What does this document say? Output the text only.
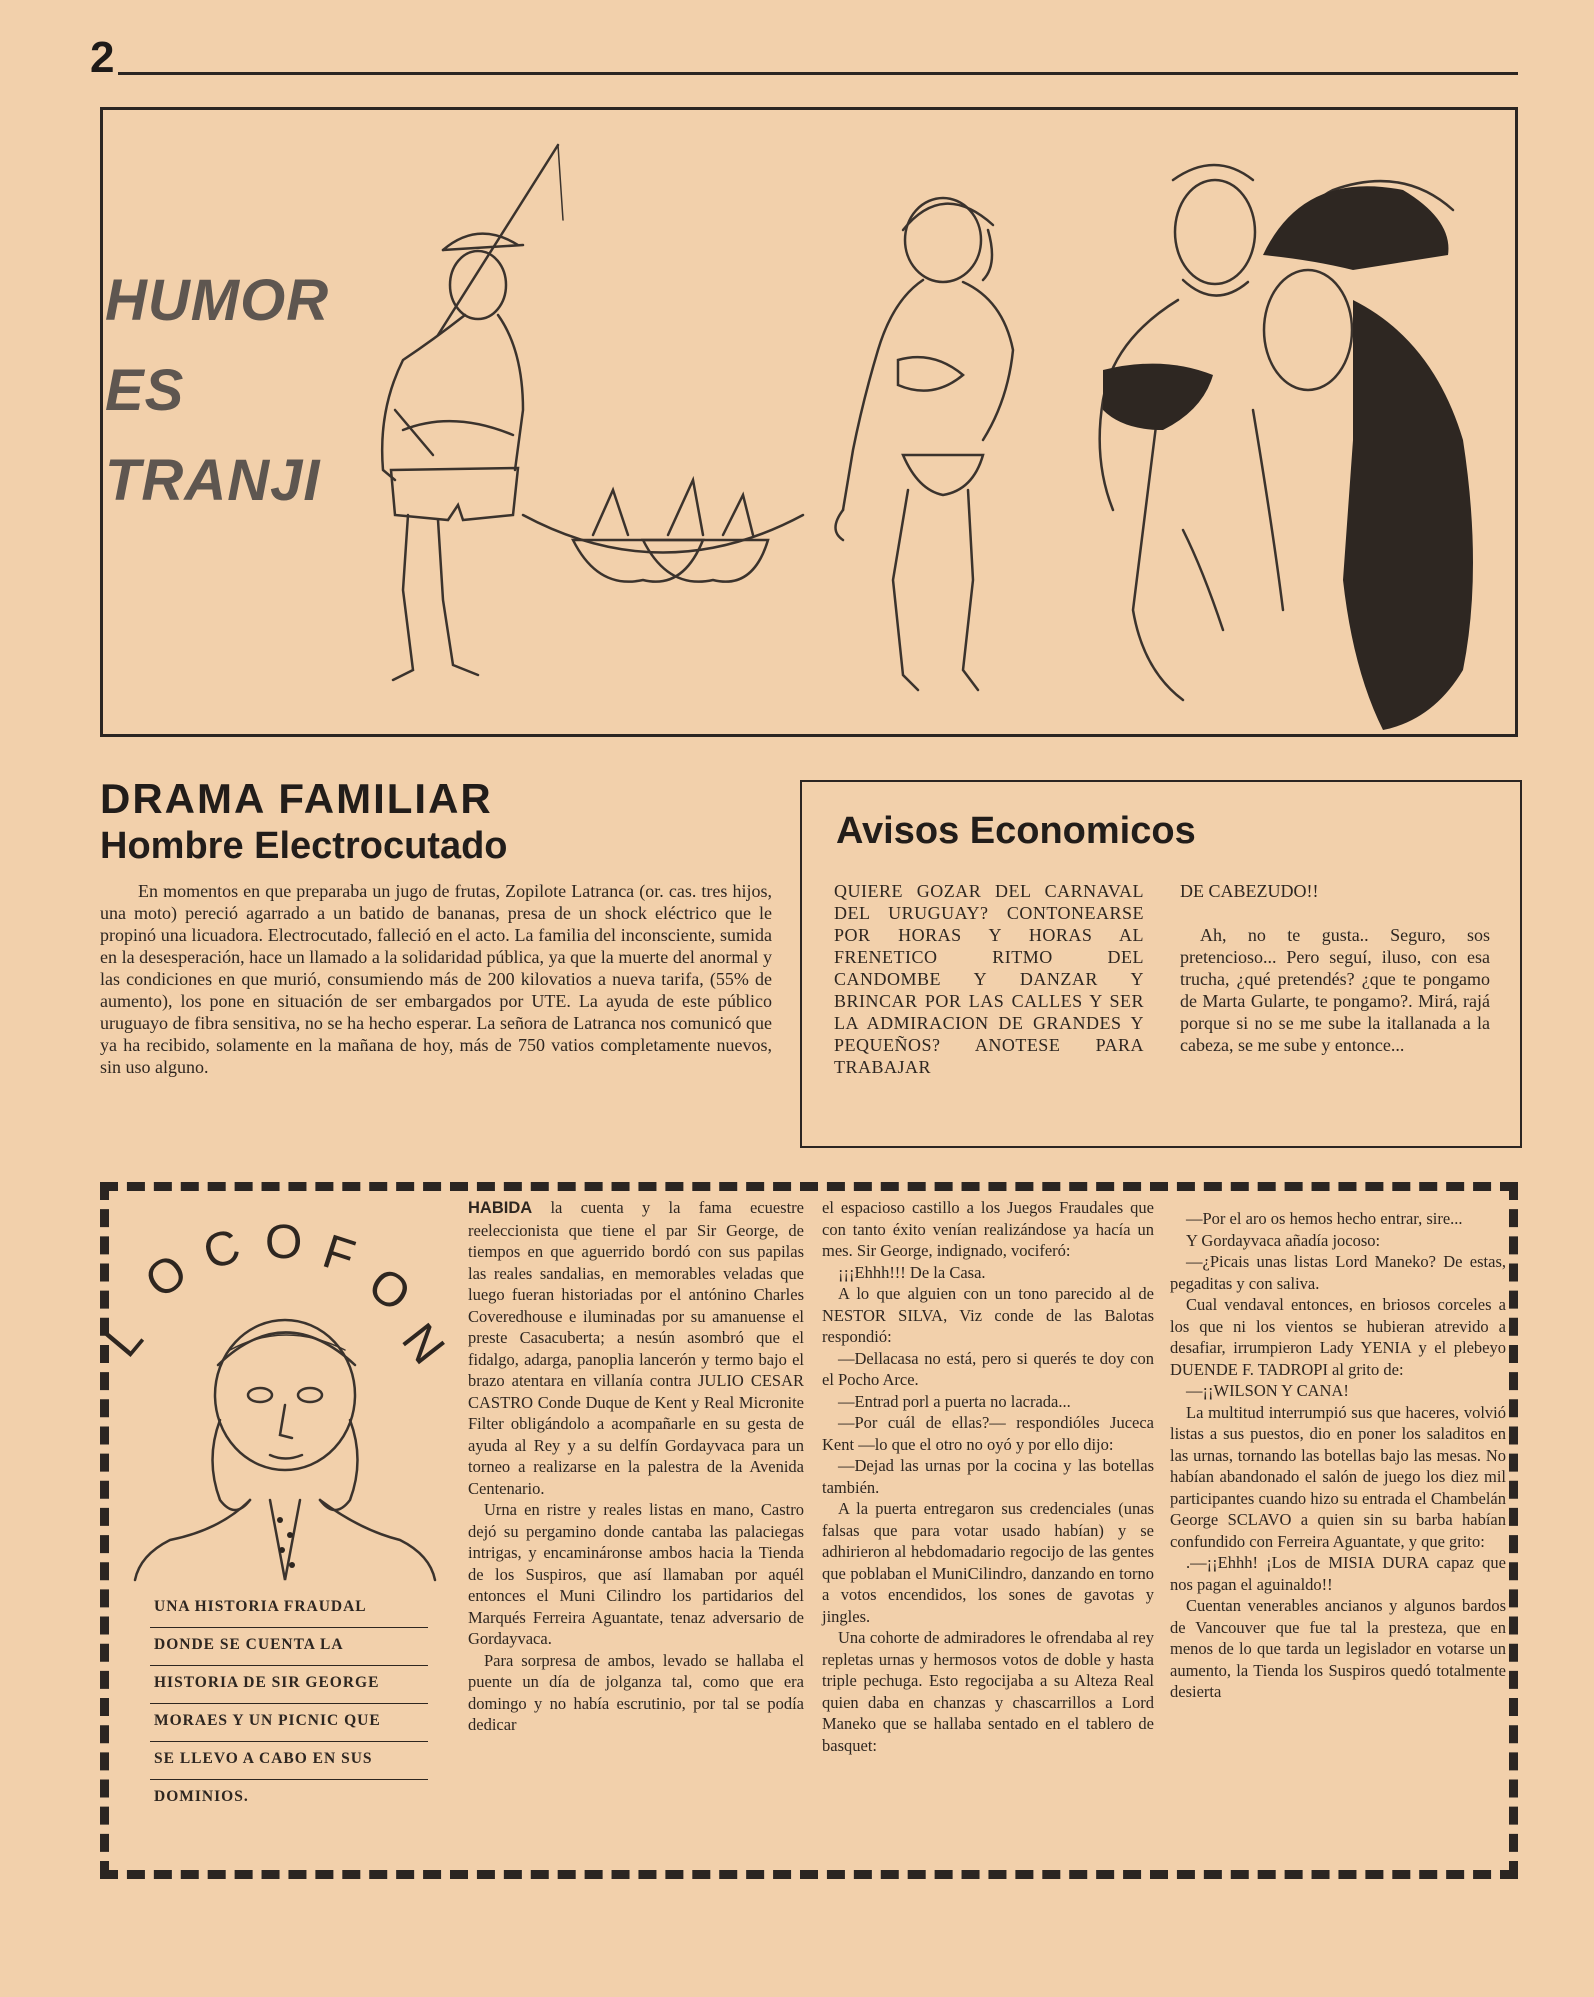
2
HUMOR
ES
TRANJI
DRAMA FAMILIAR
Hombre Electrocutado

En momentos en que preparaba un jugo de frutas, Zopilote Latranca (or. cas. tres hijos, una moto) pereció agarrado a un batido de bananas, presa de un shock eléctrico que le propinó una licuadora. Electrocutado, falleció en el acto. La familia del inconsciente, sumida en la desesperación, hace un llamado a la solidaridad pública, ya que la muerte del anormal y las condiciones en que murió, consumiendo más de 200 kilovatios a nueva tarifa, (55% de aumento), los pone en situación de ser embargados por UTE. La ayuda de este público uruguayo de fibra sensitiva, no se ha hecho esperar. La señora de Latranca nos comunicó que ya ha recibido, solamente en la mañana de hoy, más de 750 vatios completamente nuevos, sin uso alguno.

Avisos Economicos

QUIERE GOZAR DEL CARNAVAL DEL URUGUAY? CONTONEARSE POR HORAS Y HORAS AL FRENETICO RITMO DEL CANDOMBE Y DANZAR Y BRINCAR POR LAS CALLES Y SER LA ADMIRACION DE GRANDES Y PEQUEÑOS? ANOTESE PARA TRABAJAR

DE CABEZUDO!!

Ah, no te gusta.. Seguro, sos pretencioso... Pero seguí, iluso, con esa trucha, ¿qué pretendés? ¿que te pongamo de Marta Gularte, te pongamo?. Mirá, rajá porque si no se me sube la itallanada a la cabeza, se me sube y entonce...

L
O C O F
O
N
UNA HISTORIA FRAUDAL
DONDE SE CUENTA LA
HISTORIA DE SIR GEORGE
MORAES Y UN PICNIC QUE
SE LLEVO A CABO EN SUS
DOMINIOS.

HABIDA la cuenta y la fama ecuestre reeleccionista que tiene el par Sir George, de tiempos en que aguerrido bordó con sus papilas las reales sandalias, en memorables veladas que luego fueran historiadas por el antónino Charles Coveredhouse e iluminadas por su amanuense el preste Casacuberta; a nesún asombró que el fidalgo, adarga, panoplia lancerón y termo bajo el brazo atentara en villanía contra JULIO CESAR CASTRO Conde Duque de Kent y Real Micronite Filter obligándolo a acompañarle en su gesta de ayuda al Rey y a su delfín Gordayvaca para un torneo a realizarse en la palestra de la Avenida Centenario.

Urna en ristre y reales listas en mano, Castro dejó su pergamino donde cantaba las palaciegas intrigas, y encamináronse ambos hacia la Tienda de los Suspiros, que así llamaban por aquél entonces el Muni Cilindro los partidarios del Marqués Ferreira Aguantate, tenaz adversario de Gordayvaca.

Para sorpresa de ambos, levado se hallaba el puente un día de jolganza tal, como que era domingo y no había escrutinio, por tal se podía dedicar

el espacioso castillo a los Juegos Fraudales que con tanto éxito venían realizándose ya hacía un mes. Sir George, indignado, vociferó:

¡¡¡Ehhh!!! De la Casa.

A lo que alguien con un tono parecido al de NESTOR SILVA, Viz conde de las Balotas respondió:

—Dellacasa no está, pero si querés te doy con el Pocho Arce.

—Entrad porl a puerta no lacrada...

—Por cuál de ellas?— respondióles Juceca Kent —lo que el otro no oyó y por ello dijo:

—Dejad las urnas por la cocina y las botellas también.

A la puerta entregaron sus credenciales (unas falsas que para votar usado habían) y se adhirieron al hebdomadario regocijo de las gentes que poblaban el MuniCilindro, danzando en torno a votos encendidos, los sones de gavotas y jingles.

Una cohorte de admiradores le ofrendaba al rey repletas urnas y hermosos votos de doble y hasta triple pechuga. Esto regocijaba a su Alteza Real quien daba en chanzas y chascarrillos a Lord Maneko que se hallaba sentado en el tablero de basquet:

—Por el aro os hemos hecho entrar, sire...

Y Gordayvaca añadía jocoso:

—¿Picais unas listas Lord Maneko? De estas, pegaditas y con saliva.

Cual vendaval entonces, en briosos corceles a los que ni los vientos se hubieran atrevido a desafiar, irrumpieron Lady YENIA y el plebeyo DUENDE F. TADROPI al grito de:

—¡¡WILSON Y CANA!

La multitud interrumpió sus que haceres, volvió listas a sus puestos, dio en poner los saladitos en las urnas, tornando las botellas bajo las mesas. No habían abandonado el salón de juego los diez mil participantes cuando hizo su entrada el Chambelán George SCLAVO a quien sin su barba habían confundido con Ferreira Aguantate, y que grito:

.—¡¡Ehhh! ¡Los de MISIA DURA capaz que nos pagan el aguinaldo!!

Cuentan venerables ancianos y algunos bardos de Vancouver que fue tal la presteza, que en menos de lo que tarda un legislador en votarse un aumento, la Tienda los Suspiros quedó totalmente desierta
